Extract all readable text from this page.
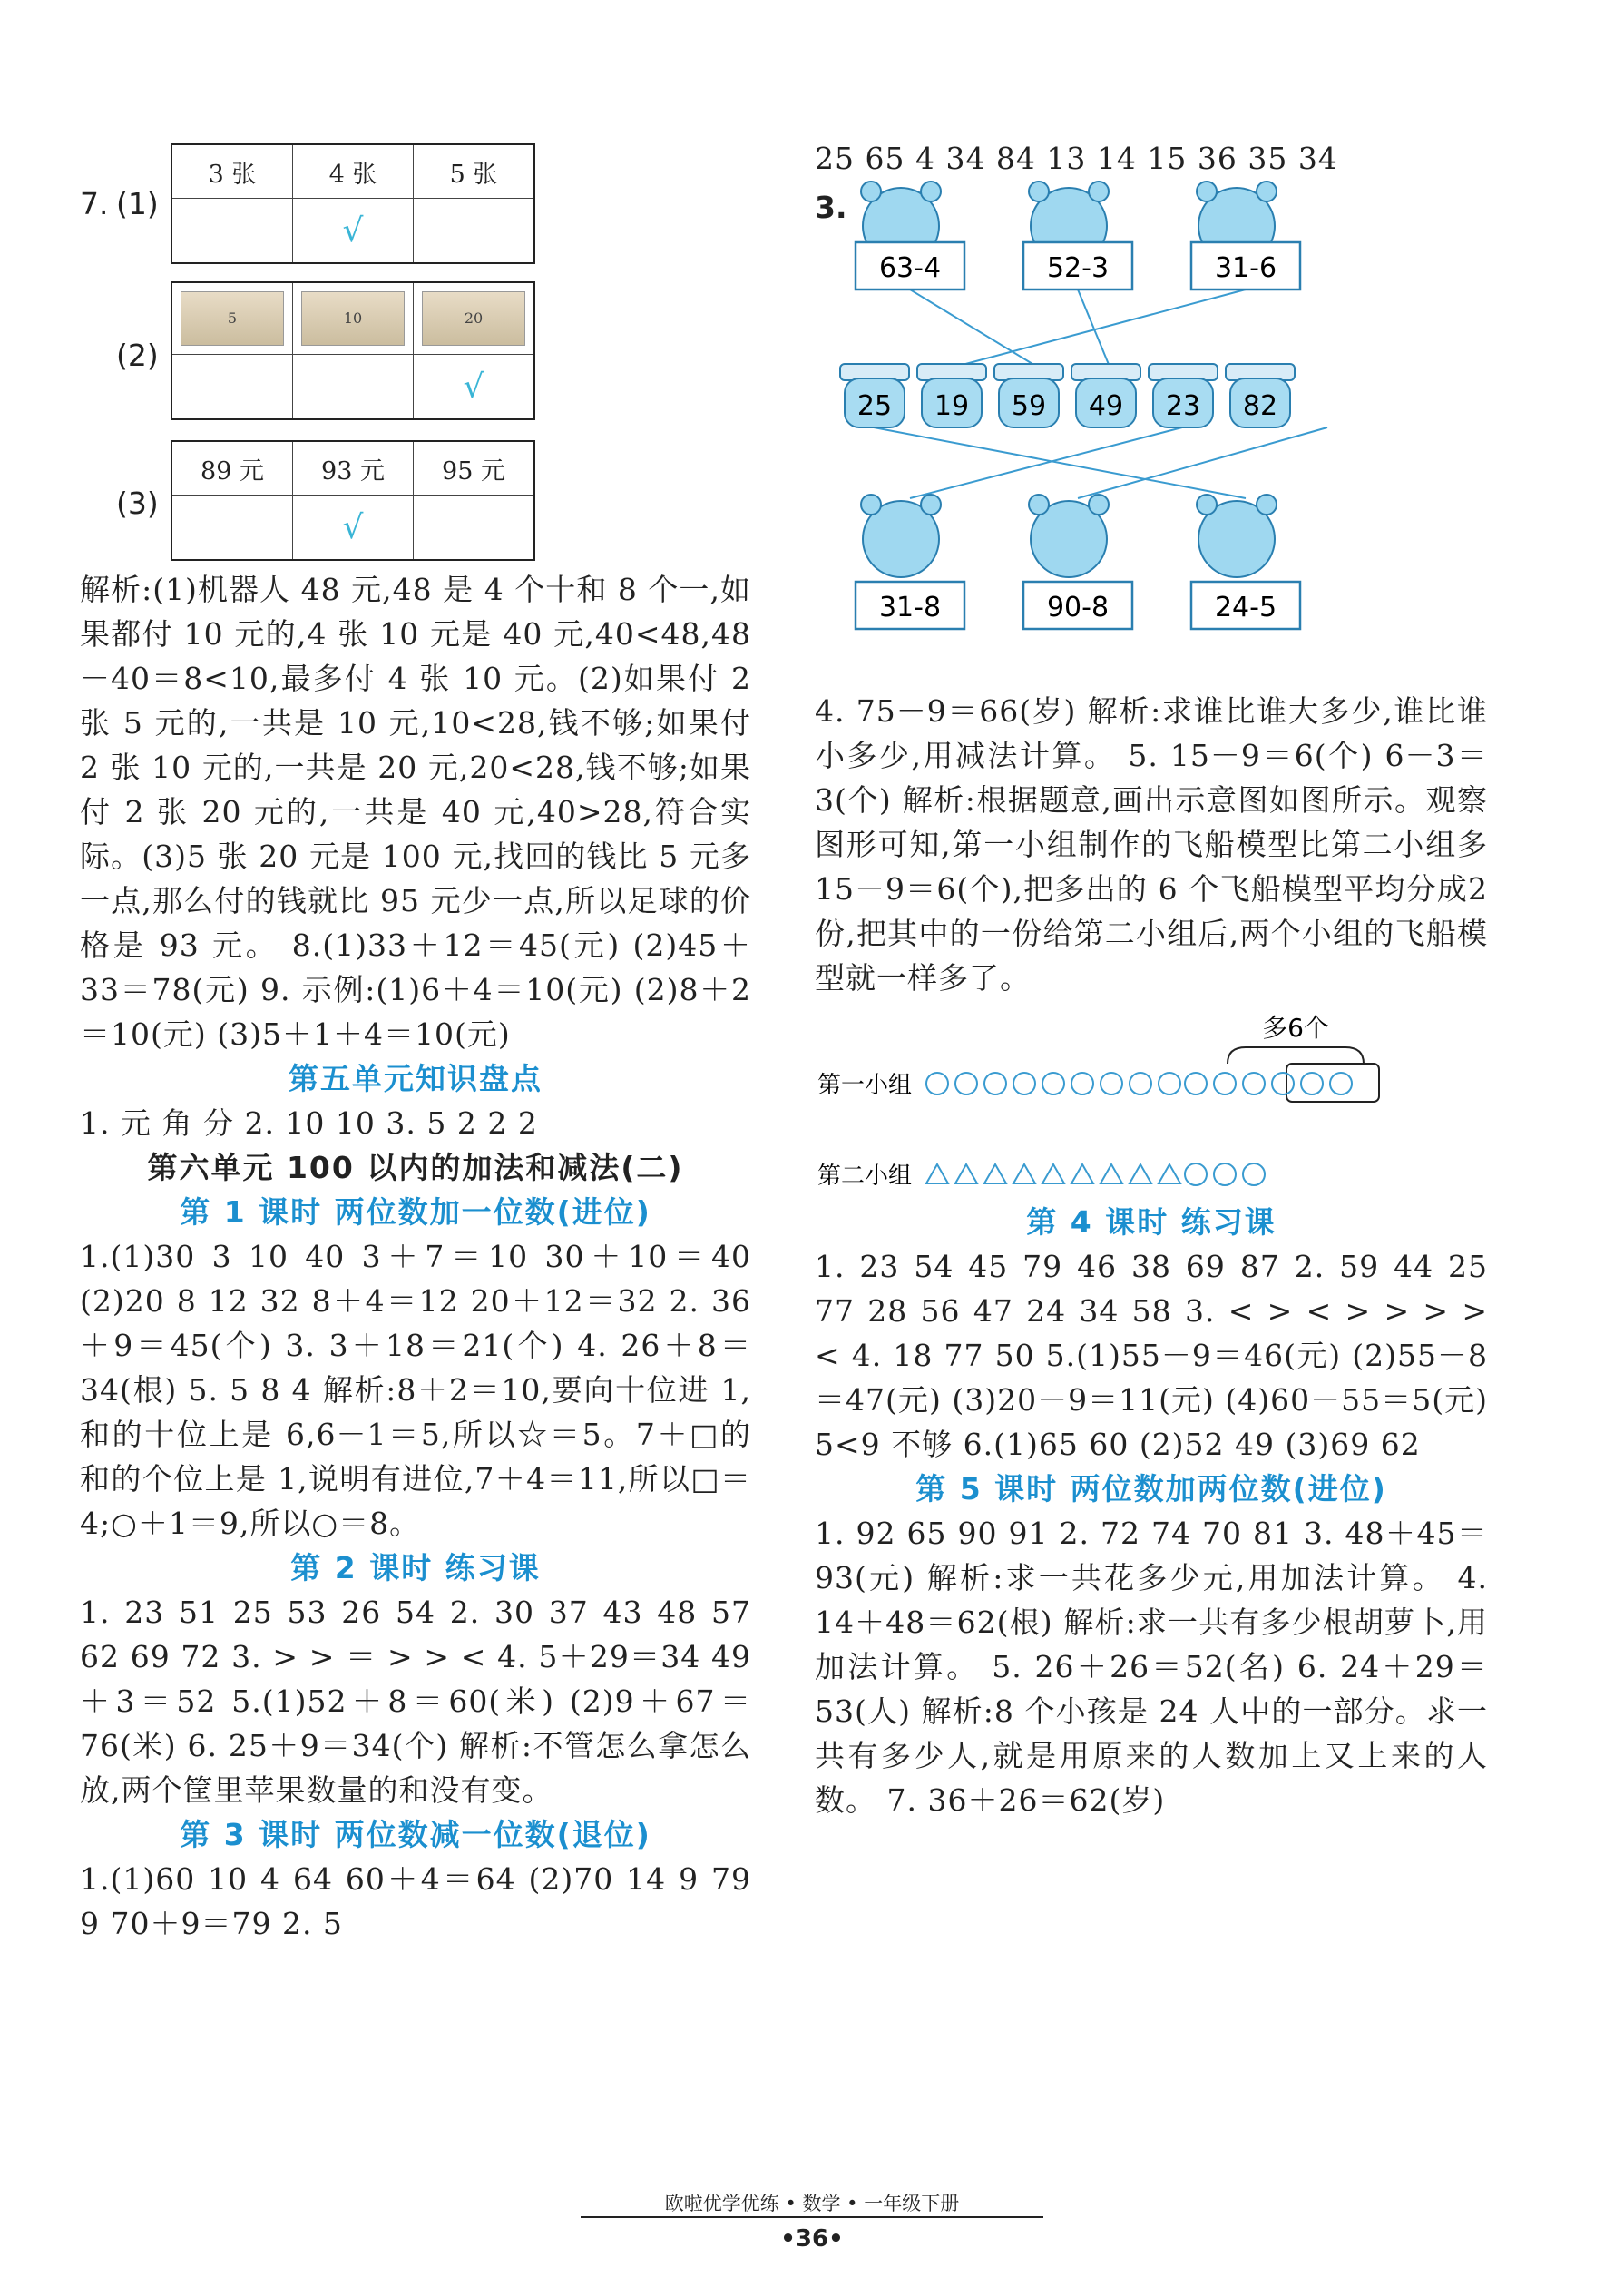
7. (1)
3 张	4 张	5 张
	√	
(2)
5	10	20
		√
(3)
89 元	93 元	95 元
	√	

解析:(1)机器人 48 元,48 是 4 个十和 8 个一,如果都付 10 元的,4 张 10 元是 40 元,40<48,48－40＝8<10,最多付 4 张 10 元。(2)如果付 2 张 5 元的,一共是 10 元,10<28,钱不够;如果付 2 张 10 元的,一共是 20 元,20<28,钱不够;如果付 2 张 20 元的,一共是 40 元,40>28,符合实际。(3)5 张 20 元是 100 元,找回的钱比 5 元多一点,那么付的钱就比 95 元少一点,所以足球的价格是 93 元。 8.(1)33＋12＝45(元) (2)45＋33＝78(元) 9. 示例:(1)6＋4＝10(元) (2)8＋2＝10(元) (3)5＋1＋4＝10(元)

第五单元知识盘点

1. 元 角 分 2. 10 10 3. 5 2 2 2

第六单元 100 以内的加法和减法(二)
第 1 课时 两位数加一位数(进位)

1.(1)30 3 10 40 3＋7＝10 30＋10＝40 (2)20 8 12 32 8＋4＝12 20＋12＝32 2. 36＋9＝45(个) 3. 3＋18＝21(个) 4. 26＋8＝34(根) 5. 5 8 4 解析:8＋2＝10,要向十位进 1,和的十位上是 6,6－1＝5,所以☆＝5。7＋□的和的个位上是 1,说明有进位,7＋4＝11,所以□＝4;○＋1＝9,所以○＝8。

第 2 课时 练习课

1. 23 51 25 53 26 54 2. 30 37 43 48 57 62 69 72 3. > > ＝ > > < 4. 5＋29＝34 49＋3＝52 5.(1)52＋8＝60(米) (2)9＋67＝76(米) 6. 25＋9＝34(个) 解析:不管怎么拿怎么放,两个筐里苹果数量的和没有变。

第 3 课时 两位数减一位数(退位)

1.(1)60 10 4 64 60＋4＝64 (2)70 14 9 79 9 70＋9＝79 2. 5

25 65 4 34 84 13 14 15 36 35 34

3.
63-4	52-3	31-6
25 19 59 49 23 82
31-8	90-8	24-5

4. 75－9＝66(岁) 解析:求谁比谁大多少,谁比谁小多少,用减法计算。 5. 15－9＝6(个) 6－3＝3(个) 解析:根据题意,画出示意图如图所示。观察图形可知,第一小组制作的飞船模型比第二小组多 15－9＝6(个),把多出的 6 个飞船模型平均分成2份,把其中的一份给第二小组后,两个小组的飞船模型就一样多了。

多6个
第一小组
第二小组
第 4 课时 练习课

1. 23 54 45 79 46 38 69 87 2. 59 44 25 77 28 56 47 24 34 58 3. < > < > > > > < 4. 18 77 50 5.(1)55－9＝46(元) (2)55－8＝47(元) (3)20－9＝11(元) (4)60－55＝5(元) 5<9 不够 6.(1)65 60 (2)52 49 (3)69 62

第 5 课时 两位数加两位数(进位)

1. 92 65 90 91 2. 72 74 70 81 3. 48＋45＝93(元) 解析:求一共花多少元,用加法计算。 4. 14＋48＝62(根) 解析:求一共有多少根胡萝卜,用加法计算。 5. 26＋26＝52(名) 6. 24＋29＝53(人) 解析:8 个小孩是 24 人中的一部分。求一共有多少人,就是用原来的人数加上又上来的人数。 7. 36＋26＝62(岁)

欧啦优学优练 • 数学 • 一年级下册
•36•
